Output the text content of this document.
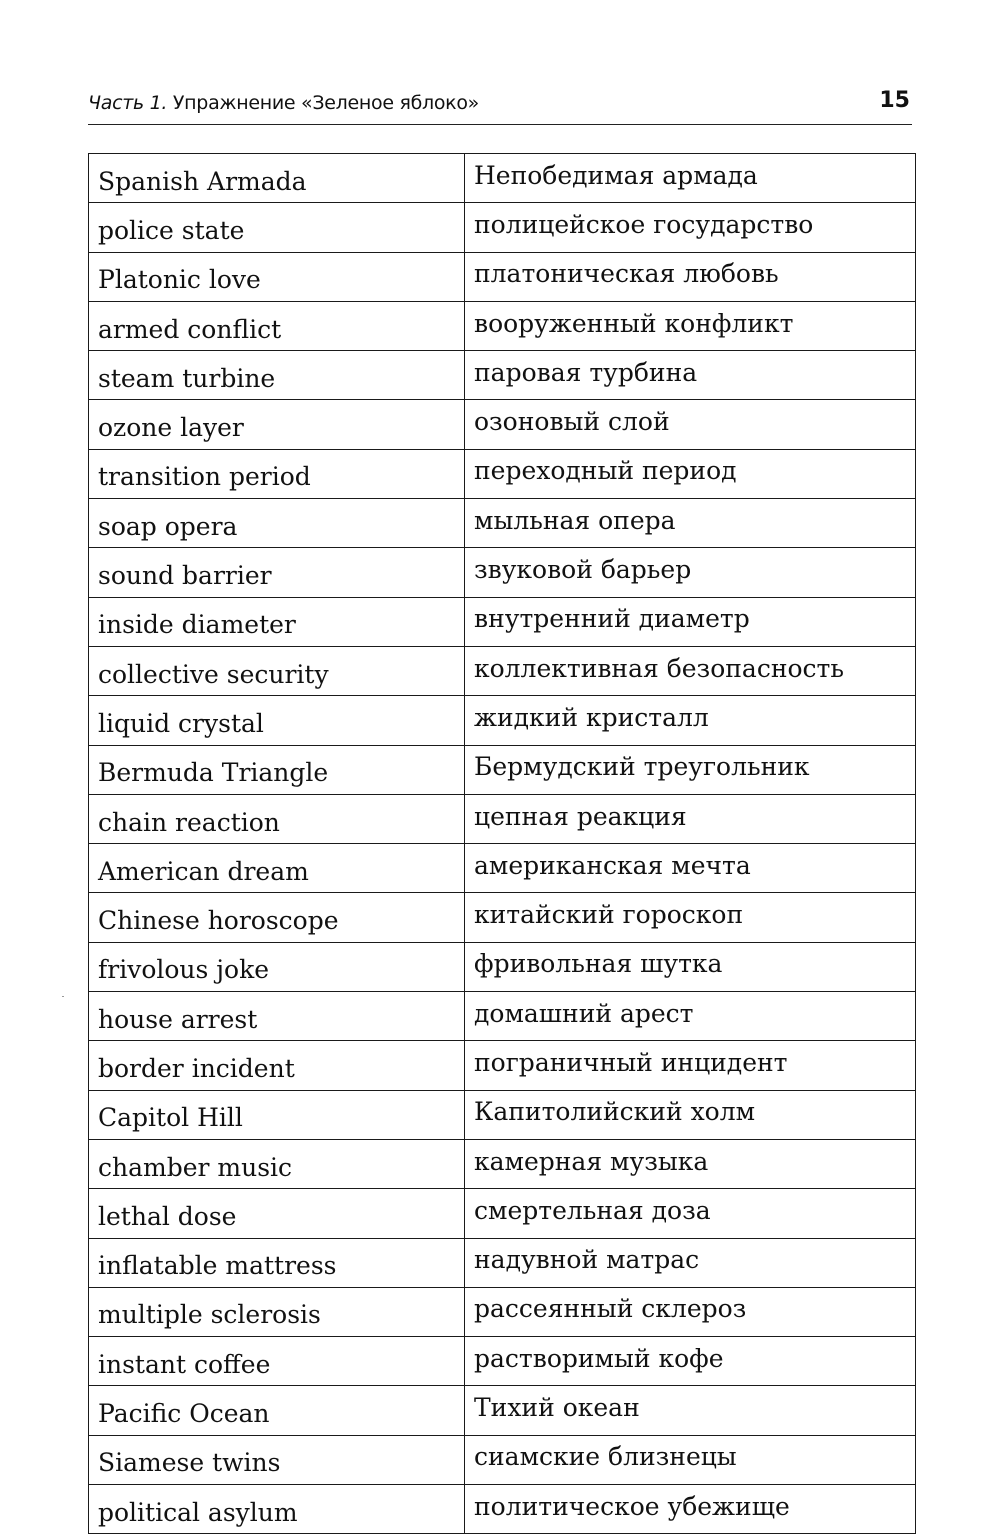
Часть 1. Упражнение «Зеленое яблоко»	15
Spanish Armada	Непобедимая армада
police state	полицейское государство
Platonic love	платоническая любовь
armed conflict	вооруженный конфликт
steam turbine	паровая турбина
ozone layer	озоновый слой
transition period	переходный период
soap opera	мыльная опера
sound barrier	звуковой барьер
inside diameter	внутренний диаметр
collective security	коллективная безопасность
liquid crystal	жидкий кристалл
Bermuda Triangle	Бермудский треугольник
chain reaction	цепная реакция
American dream	американская мечта
Chinese horoscope	китайский гороскоп
frivolous joke	фривольная шутка
house arrest	домашний арест
border incident	пограничный инцидент
Capitol Hill	Капитолийский холм
chamber music	камерная музыка
lethal dose	смертельная доза
inflatable mattress	надувной матрас
multiple sclerosis	рассеянный склероз
instant coffee	растворимый кофе
Pacific Ocean	Тихий океан
Siamese twins	сиамские близнецы
political asylum	политическое убежище
